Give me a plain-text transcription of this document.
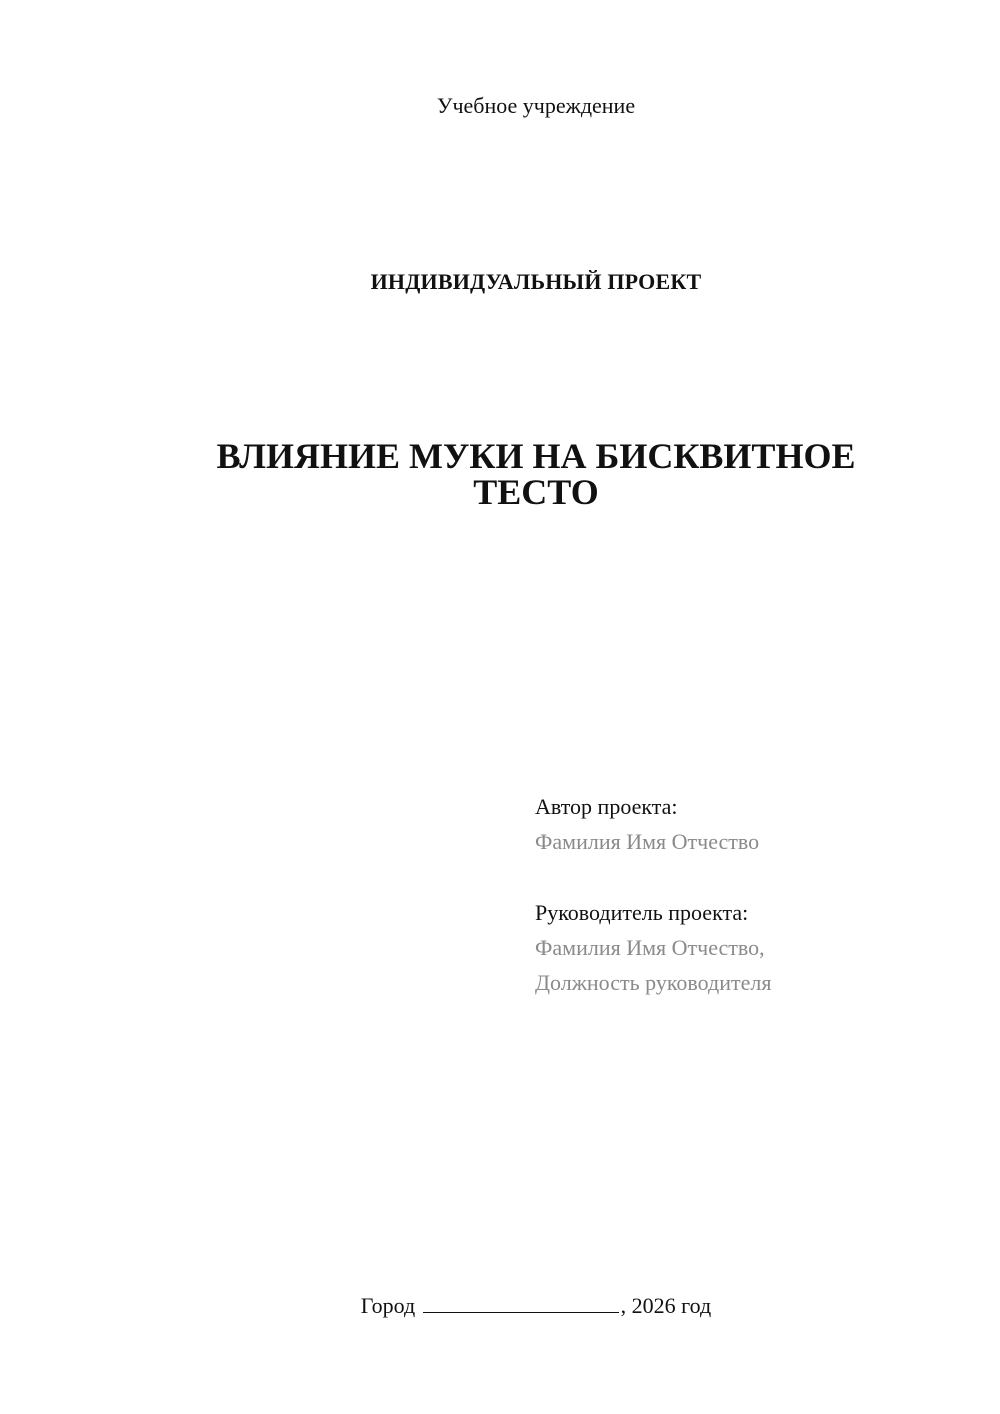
Учебное учреждение
ИНДИВИДУАЛЬНЫЙ ПРОЕКТ
ВЛИЯНИЕ МУКИ НА БИСКВИТНОЕ
ТЕСТО
Автор проекта:
Фамилия Имя Отчество
Руководитель проекта:
Фамилия Имя Отчество,
Должность руководителя
Город	, 2026 год
